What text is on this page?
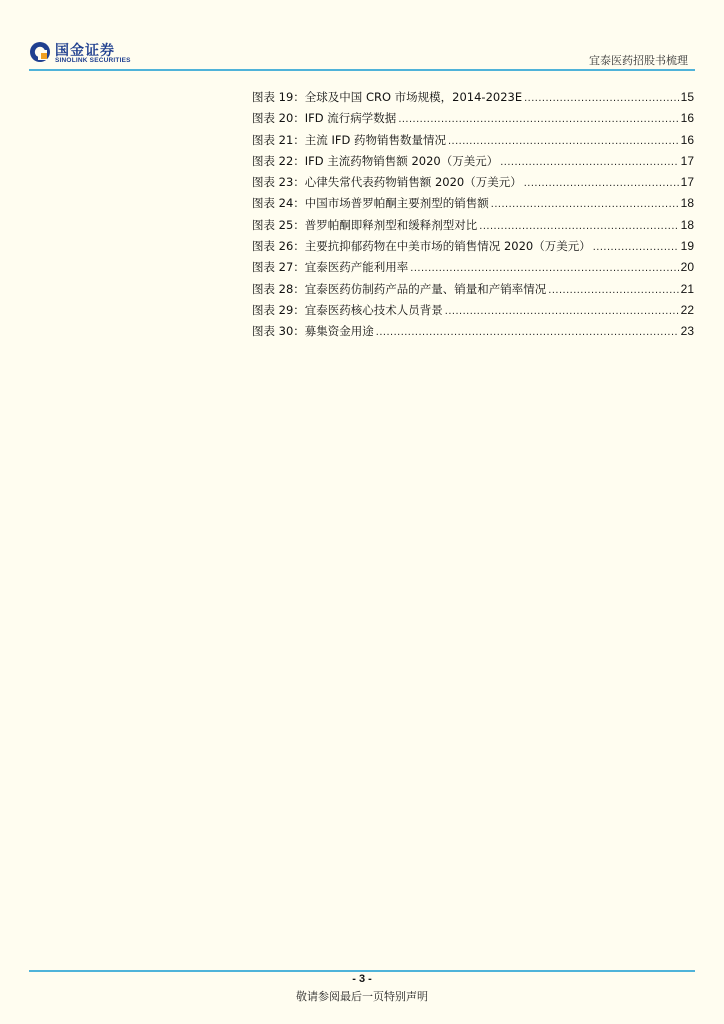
国金证券
SINOLINK SECURITIES	宜泰医药招股书梳理
图表 19：全球及中国 CRO 市场规模，2014-2023E .....	15
图表 20：IFD 流行病学数据 .....	16
图表 21：主流 IFD 药物销售数量情况 .....	16
图表 22：IFD 主流药物销售额 2020（万美元） .....	17
图表 23：心律失常代表药物销售额 2020（万美元） .....	17
图表 24：中国市场普罗帕酮主要剂型的销售额 .....	18
图表 25：普罗帕酮即释剂型和缓释剂型对比 .....	18
图表 26：主要抗抑郁药物在中美市场的销售情况 2020（万美元） .....	19
图表 27：宜泰医药产能利用率 .....	20
图表 28：宜泰医药仿制药产品的产量、销量和产销率情况 .....	21
图表 29：宜泰医药核心技术人员背景 .....	22
图表 30：募集资金用途 .....	23
- 3 -
敬请参阅最后一页特别声明
